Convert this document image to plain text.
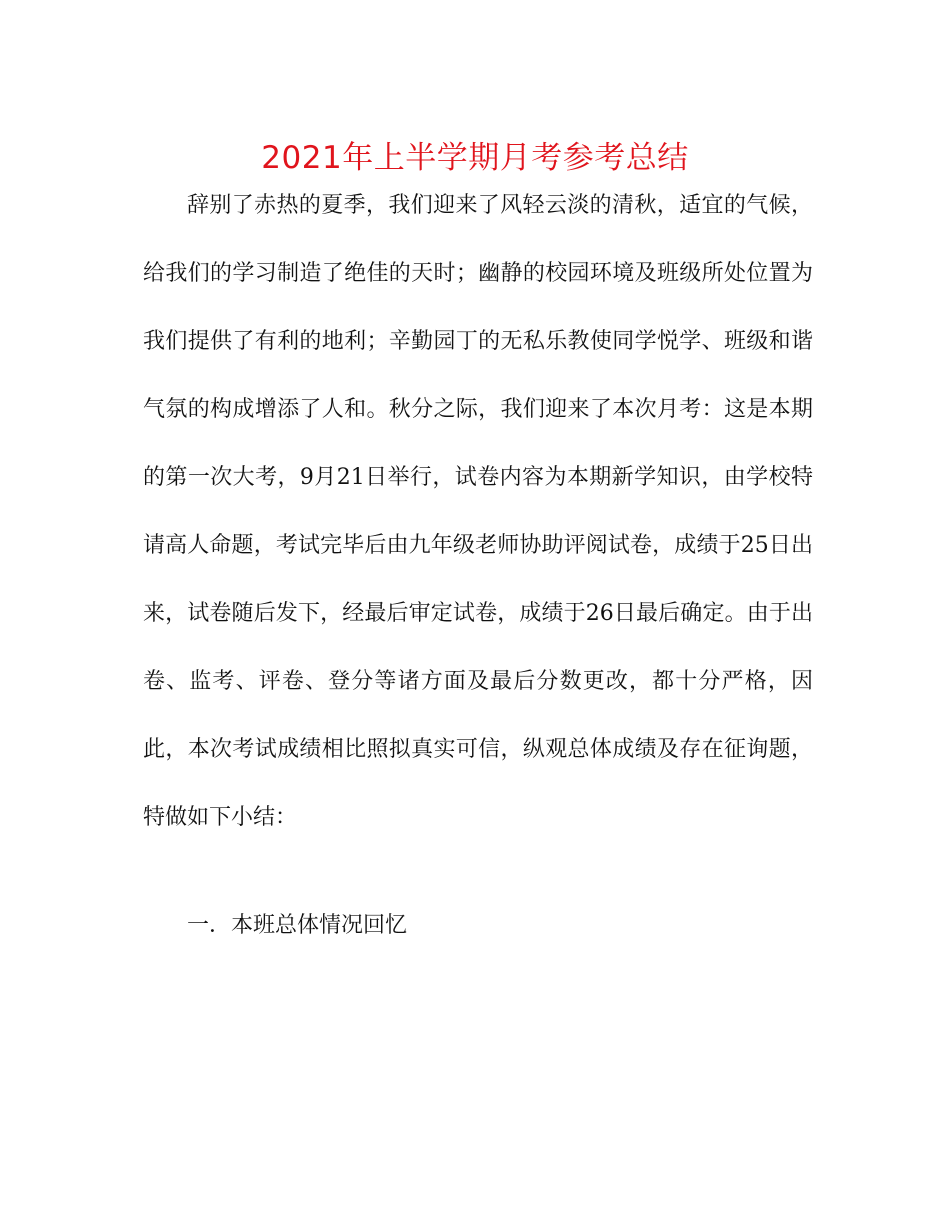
2021年上半学期月考参考总结

辞别了赤热的夏季，我们迎来了风轻云淡的清秋，适宜的气候，给我们的学习制造了绝佳的天时；幽静的校园环境及班级所处位置为我们提供了有利的地利；辛勤园丁的无私乐教使同学悦学、班级和谐气氛的构成增添了人和。秋分之际，我们迎来了本次月考：这是本期的第一次大考，9月21日举行，试卷内容为本期新学知识，由学校特请高人命题，考试完毕后由九年级老师协助评阅试卷，成绩于25日出来，试卷随后发下，经最后审定试卷，成绩于26日最后确定。由于出卷、监考、评卷、登分等诸方面及最后分数更改，都十分严格，因此，本次考试成绩相比照拟真实可信，纵观总体成绩及存在征询题，特做如下小结：

一．本班总体情况回忆
